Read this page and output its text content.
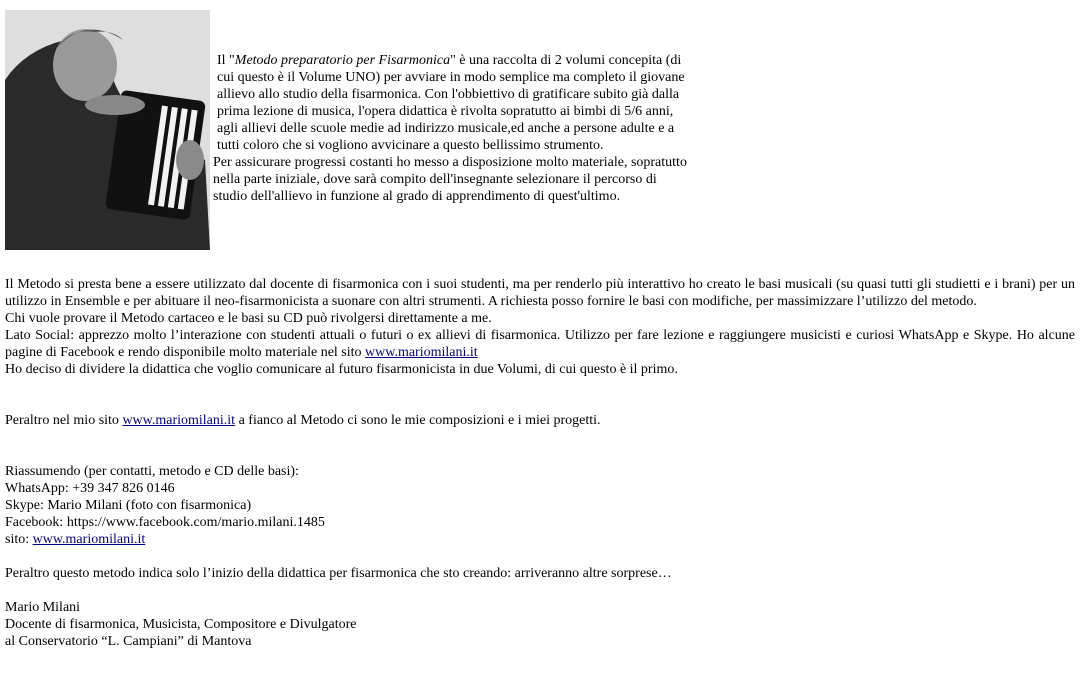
Il "Metodo preparatorio per Fisarmonica" è una raccolta di 2 volumi concepita (di
cui questo è il Volume UNO) per avviare in modo semplice ma completo il giovane
allievo allo studio della fisarmonica. Con l'obbiettivo di gratificare subito già dalla
prima lezione di musica, l'opera didattica è rivolta sopratutto ai bimbi di 5/6 anni,
agli allievi delle scuole medie ad indirizzo musicale,ed anche a persone adulte e a
tutti coloro che si vogliono avvicinare a questo bellissimo strumento.
Per assicurare progressi costanti ho messo a disposizione molto materiale, sopratutto
nella parte iniziale, dove sarà compito dell'insegnante selezionare il percorso di
studio dell'allievo in funzione al grado di apprendimento di quest'ultimo.

Il Metodo si presta bene a essere utilizzato dal docente di fisarmonica con i suoi studenti, ma per renderlo più interattivo ho creato le basi musicali (su quasi tutti gli studietti e i brani) per un utilizzo in Ensemble e per abituare il neo-fisarmonicista a suonare con altri strumenti. A richiesta posso fornire le basi con modifiche, per massimizzare l’utilizzo del metodo.

Chi vuole provare il Metodo cartaceo e le basi su CD può rivolgersi direttamente a me.

Lato Social: apprezzo molto l’interazione con studenti attuali o futuri o ex allievi di fisarmonica. Utilizzo per fare lezione e raggiungere musicisti e curiosi WhatsApp e Skype. Ho alcune pagine di Facebook e rendo disponibile molto materiale nel sito www.mariomilani.it

Ho deciso di dividere la didattica che voglio comunicare al futuro fisarmonicista in due Volumi, di cui questo è il primo.

Peraltro nel mio sito www.mariomilani.it a fianco al Metodo ci sono le mie composizioni e i miei progetti.

Riassumendo (per contatti, metodo e CD delle basi):

WhatsApp: +39 347 826 0146

Skype: Mario Milani (foto con fisarmonica)

Facebook: https://www.facebook.com/mario.milani.1485

sito: www.mariomilani.it

Peraltro questo metodo indica solo l’inizio della didattica per fisarmonica che sto creando: arriveranno altre sorprese…

Mario Milani

Docente di fisarmonica, Musicista, Compositore e Divulgatore

al Conservatorio “L. Campiani” di Mantova
